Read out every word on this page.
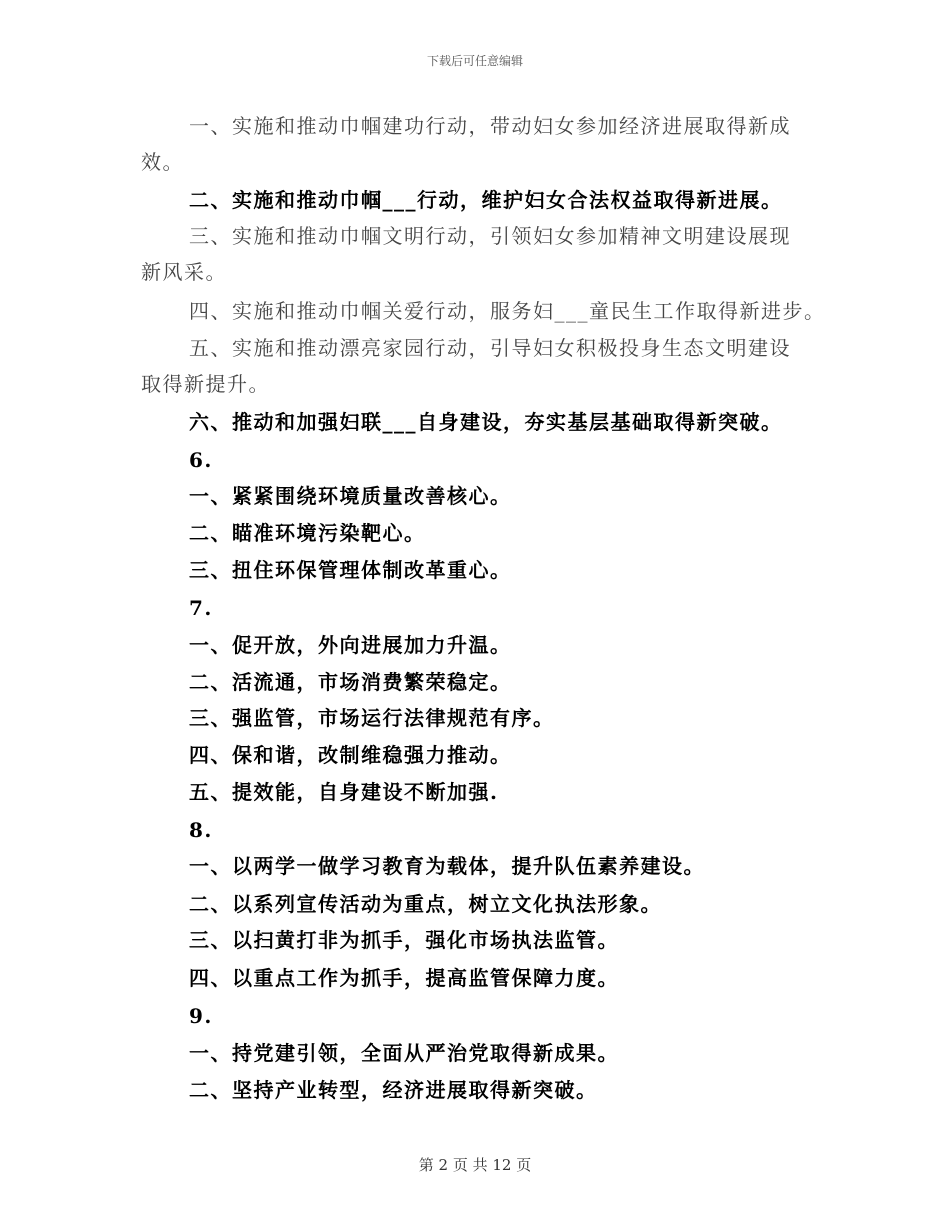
下载后可任意编辑
一、实施和推动巾帼建功行动，带动妇女参加经济进展取得新成
效。
二、实施和推动巾帼___行动，维护妇女合法权益取得新进展。
三、实施和推动巾帼文明行动，引领妇女参加精神文明建设展现
新风采。
四、实施和推动巾帼关爱行动，服务妇___童民生工作取得新进步。
五、实施和推动漂亮家园行动，引导妇女积极投身生态文明建设
取得新提升。
六、推动和加强妇联___自身建设，夯实基层基础取得新突破。
6.
一、紧紧围绕环境质量改善核心。
二、瞄准环境污染靶心。
三、扭住环保管理体制改革重心。
7.
一、促开放，外向进展加力升温。
二、活流通，市场消费繁荣稳定。
三、强监管，市场运行法律规范有序。
四、保和谐，改制维稳强力推动。
五、提效能，自身建设不断加强.
8.
一、以两学一做学习教育为载体，提升队伍素养建设。
二、以系列宣传活动为重点，树立文化执法形象。
三、以扫黄打非为抓手，强化市场执法监管。
四、以重点工作为抓手，提高监管保障力度。
9.
一、持党建引领，全面从严治党取得新成果。
二、坚持产业转型，经济进展取得新突破。
第 2 页 共 12 页
